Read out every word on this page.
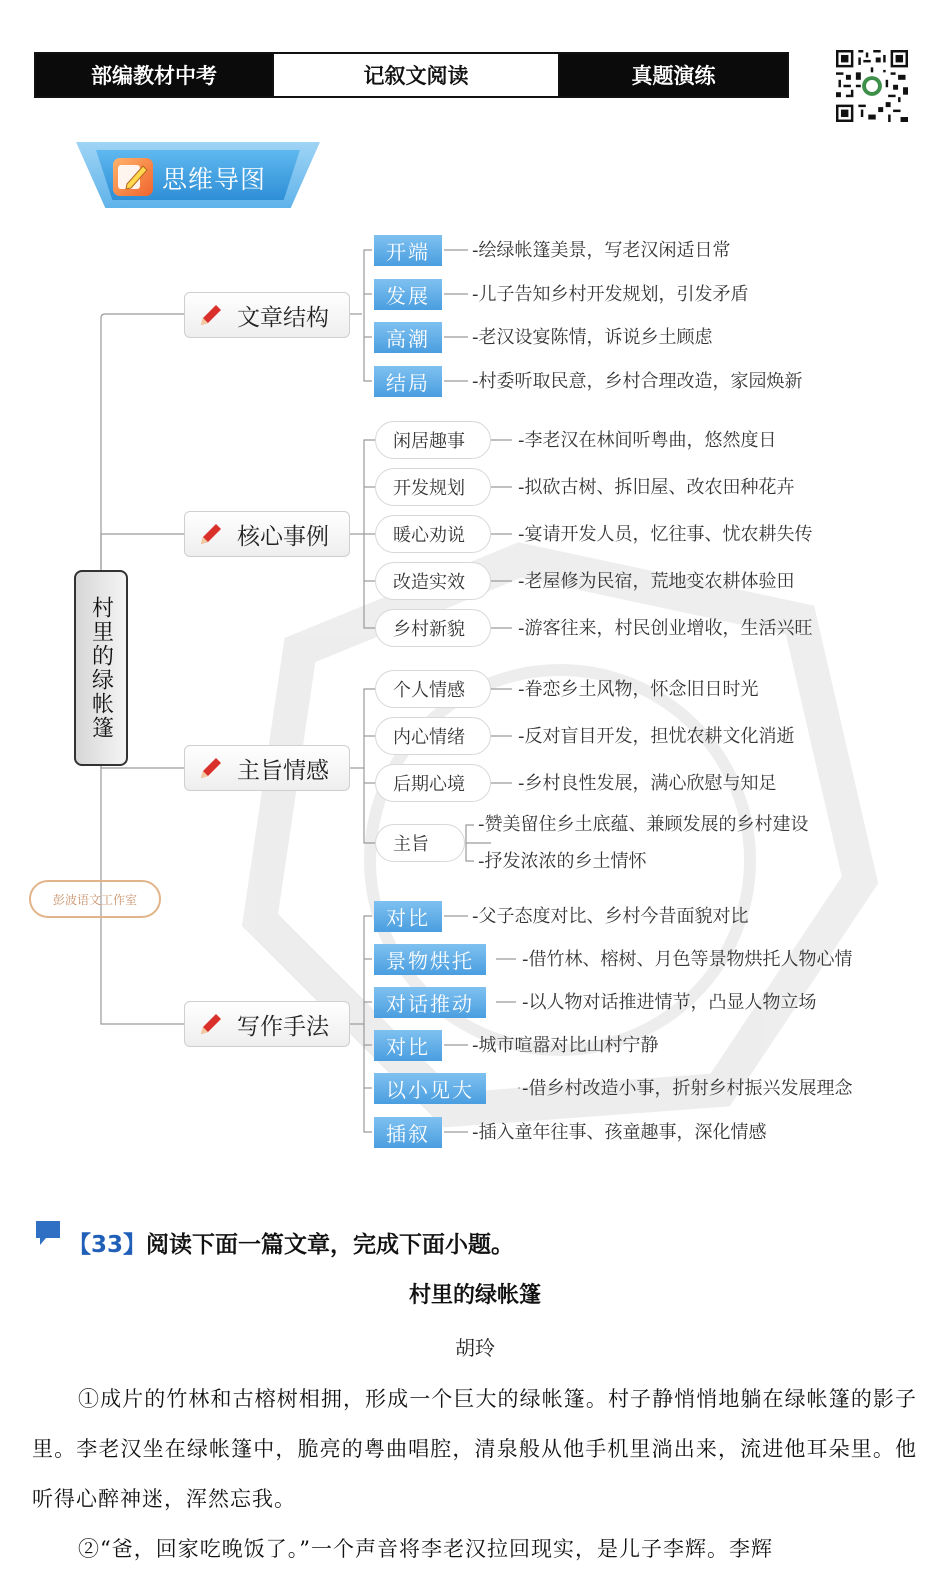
部编教材中考	记叙文阅读	真题演练
思维导图
村里的绿帐篷
彭波语文工作室
文章结构
开端	-绘绿帐篷美景，写老汉闲适日常
发展	-儿子告知乡村开发规划，引发矛盾
高潮	-老汉设宴陈情，诉说乡土顾虑
结局	-村委听取民意，乡村合理改造，家园焕新
核心事例
闲居趣事	-李老汉在林间听粤曲，悠然度日
开发规划	-拟砍古树、拆旧屋、改农田种花卉
暖心劝说	-宴请开发人员，忆往事、忧农耕失传
改造实效	-老屋修为民宿，荒地变农耕体验田
乡村新貌	-游客往来，村民创业增收，生活兴旺
主旨情感
个人情感	-眷恋乡土风物，怀念旧日时光
内心情绪	-反对盲目开发，担忧农耕文化消逝
后期心境	-乡村良性发展，满心欣慰与知足
主旨
-赞美留住乡土底蕴、兼顾发展的乡村建设
-抒发浓浓的乡土情怀
写作手法
对比	-父子态度对比、乡村今昔面貌对比
景物烘托	-借竹林、榕树、月色等景物烘托人物心情
对话推动	-以人物对话推进情节，凸显人物立场
对比	-城市喧嚣对比山村宁静
以小见大	-借乡村改造小事，折射乡村振兴发展理念
插叙	-插入童年往事、孩童趣事，深化情感
【33】阅读下面一篇文章，完成下面小题。
村里的绿帐篷
胡玲

①成片的竹林和古榕树相拥，形成一个巨大的绿帐篷。村子静悄悄地躺在绿帐篷的影子里。李老汉坐在绿帐篷中，脆亮的粤曲唱腔，清泉般从他手机里淌出来，流进他耳朵里。他听得心醉神迷，浑然忘我。

②“爸，回家吃晚饭了。”一个声音将李老汉拉回现实，是儿子李辉。李辉
